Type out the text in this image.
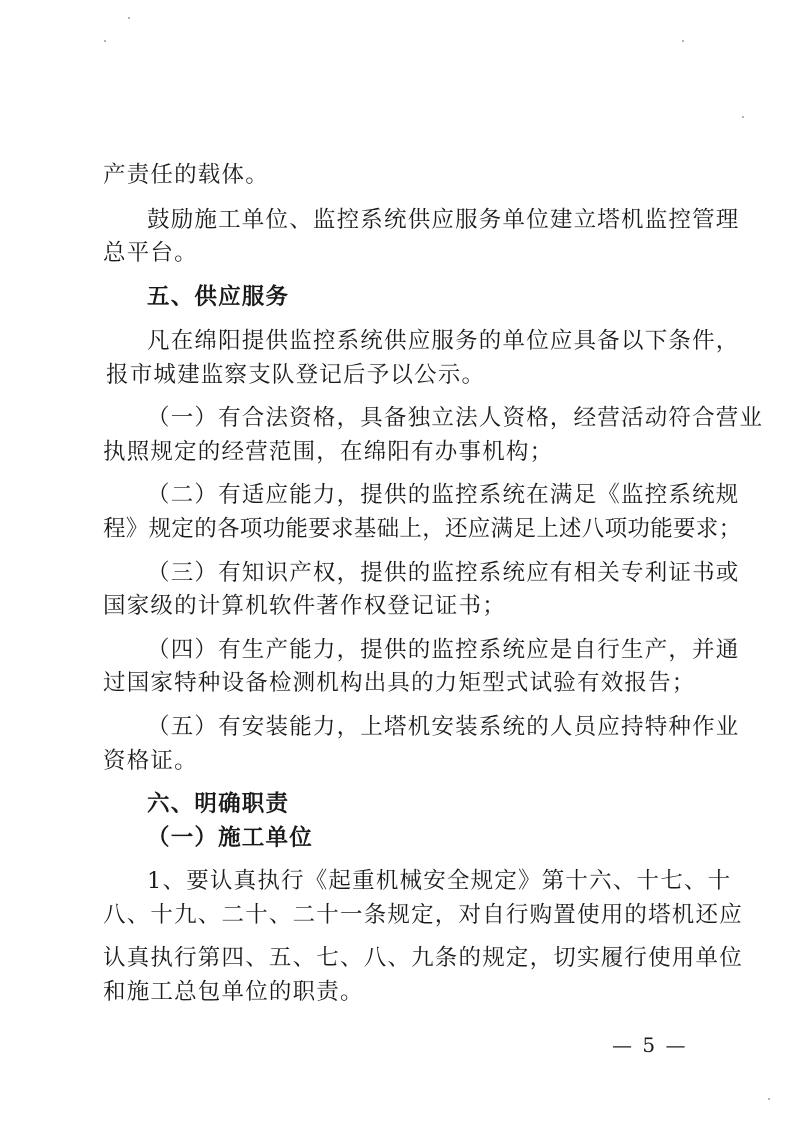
产责任的载体。
鼓励施工单位、监控系统供应服务单位建立塔机监控管理
总平台。
五、供应服务
凡在绵阳提供监控系统供应服务的单位应具备以下条件，
报市城建监察支队登记后予以公示。
（一）有合法资格，具备独立法人资格，经营活动符合营业
执照规定的经营范围，在绵阳有办事机构；
（二）有适应能力，提供的监控系统在满足《监控系统规
程》规定的各项功能要求基础上，还应满足上述八项功能要求；
（三）有知识产权，提供的监控系统应有相关专利证书或
国家级的计算机软件著作权登记证书；
（四）有生产能力，提供的监控系统应是自行生产，并通
过国家特种设备检测机构出具的力矩型式试验有效报告；
（五）有安装能力，上塔机安装系统的人员应持特种作业
资格证。
六、明确职责
（一）施工单位
1、要认真执行《起重机械安全规定》第十六、十七、十
八、十九、二十、二十一条规定，对自行购置使用的塔机还应
认真执行第四、五、七、八、九条的规定，切实履行使用单位
和施工总包单位的职责。
— 5 —
